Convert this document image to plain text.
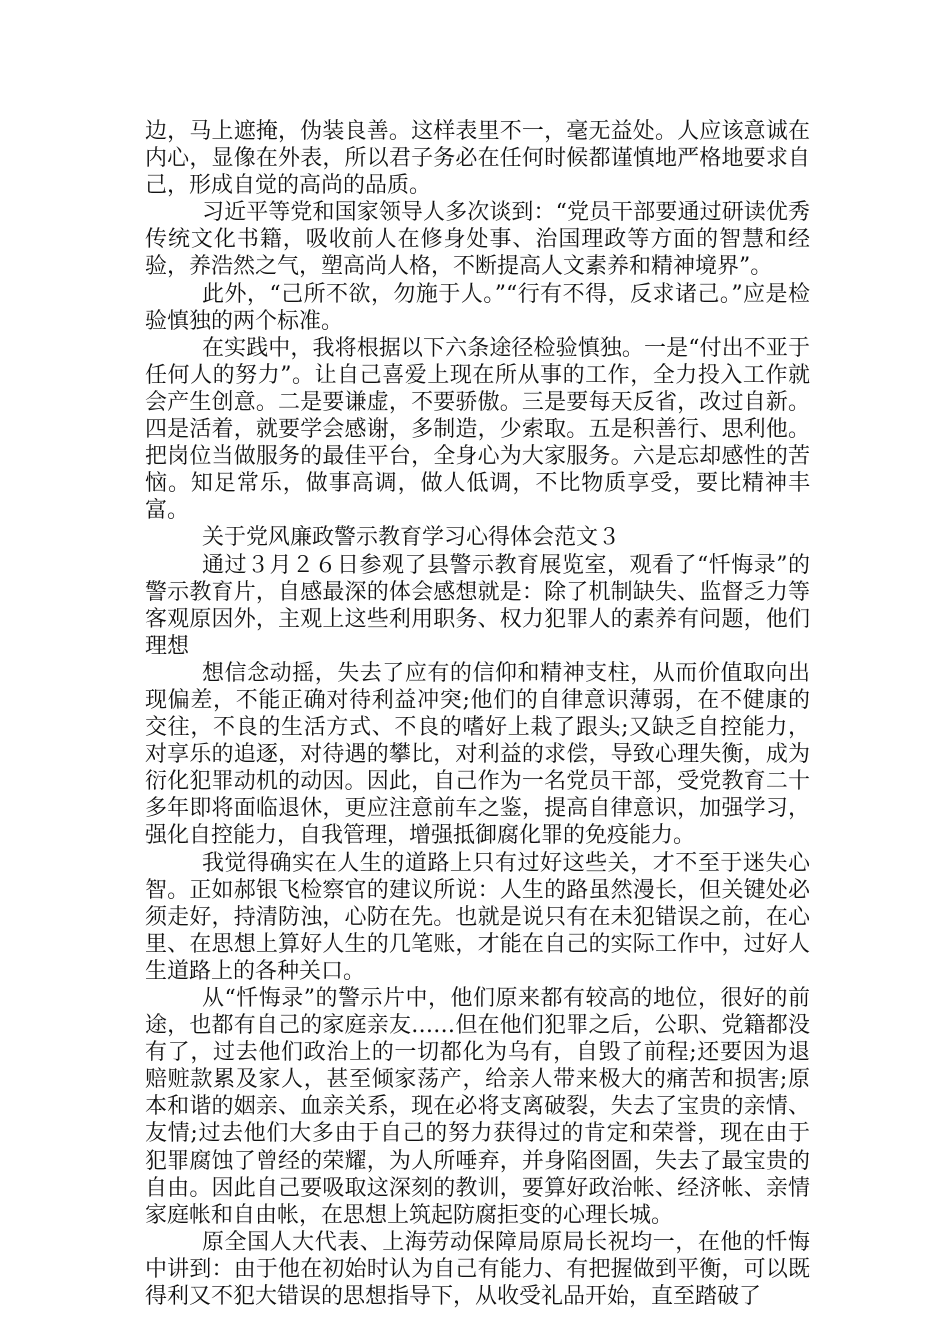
边，马上遮掩，伪装良善。这样表里不一，毫无益处。人应该意诚在内心，显像在外表，所以君子务必在任何时候都谨慎地严格地要求自己，形成自觉的高尚的品质。

习近平等党和国家领导人多次谈到：“党员干部要通过研读优秀传统文化书籍，吸收前人在修身处事、治国理政等方面的智慧和经验，养浩然之气，塑高尚人格，不断提高人文素养和精神境界”。

此外，“己所不欲，勿施于人。”“行有不得，反求诸己。”应是检验慎独的两个标准。

在实践中，我将根据以下六条途径检验慎独。一是“付出不亚于任何人的努力”。让自己喜爱上现在所从事的工作，全力投入工作就会产生创意。二是要谦虚，不要骄傲。三是要每天反省，改过自新。四是活着，就要学会感谢，多制造，少索取。五是积善行、思利他。把岗位当做服务的最佳平台，全身心为大家服务。六是忘却感性的苦恼。知足常乐，做事高调，做人低调，不比物质享受，要比精神丰富。

关于党风廉政警示教育学习心得体会范文３

通过３月２６日参观了县警示教育展览室，观看了“忏悔录”的警示教育片，自感最深的体会感想就是：除了机制缺失、监督乏力等客观原因外，主观上这些利用职务、权力犯罪人的素养有问题，他们理想

想信念动摇，失去了应有的信仰和精神支柱，从而价值取向出现偏差，不能正确对待利益冲突;他们的自律意识薄弱，在不健康的交往，不良的生活方式、不良的嗜好上栽了跟头;又缺乏自控能力，对享乐的追逐，对待遇的攀比，对利益的求偿，导致心理失衡，成为衍化犯罪动机的动因。因此，自己作为一名党员干部，受党教育二十多年即将面临退休，更应注意前车之鉴，提高自律意识，加强学习，强化自控能力，自我管理，增强抵御腐化罪的免疫能力。

我觉得确实在人生的道路上只有过好这些关，才不至于迷失心智。正如郝银飞检察官的建议所说：人生的路虽然漫长，但关键处必须走好，持清防浊，心防在先。也就是说只有在未犯错误之前，在心里、在思想上算好人生的几笔账，才能在自己的实际工作中，过好人生道路上的各种关口。

从“忏悔录”的警示片中，他们原来都有较高的地位，很好的前途，也都有自己的家庭亲友……但在他们犯罪之后，公职、党籍都没有了，过去他们政治上的一切都化为乌有，自毁了前程;还要因为退赔赃款累及家人，甚至倾家荡产，给亲人带来极大的痛苦和损害;原本和谐的姻亲、血亲关系，现在必将支离破裂，失去了宝贵的亲情、友情;过去他们大多由于自己的努力获得过的肯定和荣誉，现在由于犯罪腐蚀了曾经的荣耀，为人所唾弃，并身陷囹圄，失去了最宝贵的自由。因此自己要吸取这深刻的教训，要算好政治帐、经济帐、亲情家庭帐和自由帐，在思想上筑起防腐拒变的心理长城。

原全国人大代表、上海劳动保障局原局长祝均一，在他的忏悔中讲到：由于他在初始时认为自己有能力、有把握做到平衡，可以既得利又不犯大错误的思想指导下，从收受礼品开始，直至踏破了
